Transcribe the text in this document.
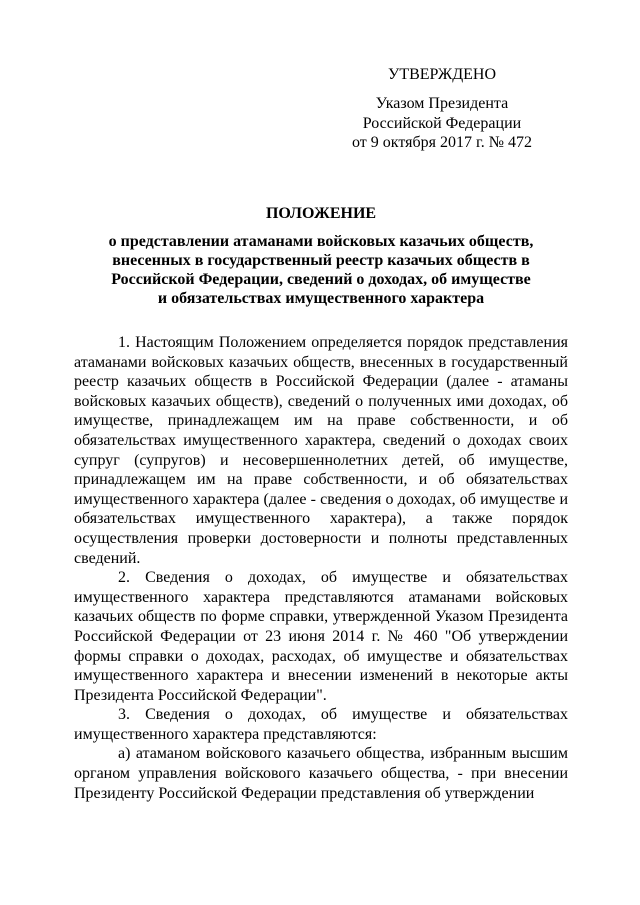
УТВЕРЖДЕНО
Указом Президента
Российской Федерации
от 9 октября 2017 г. № 472
ПОЛОЖЕНИЕ
о представлении атаманами войсковых казачьих обществ,
внесенных в государственный реестр казачьих обществ в
Российской Федерации, сведений о доходах, об имуществе
и обязательствах имущественного характера

1. Настоящим Положением определяется порядок представления атаманами войсковых казачьих обществ, внесенных в государственный реестр казачьих обществ в Российской Федерации (далее - атаманы войсковых казачьих обществ), сведений о полученных ими доходах, об имуществе, принадлежащем им на праве собственности, и об обязательствах имущественного характера, сведений о доходах своих супруг (супругов) и несовершеннолетних детей, об имуществе, принадлежащем им на праве собственности, и об обязательствах имущественного характера (далее - сведения о доходах, об имуществе и обязательствах имущественного характера), а также порядок осуществления проверки достоверности и полноты представленных сведений.

2. Сведения о доходах, об имуществе и обязательствах имущественного характера представляются атаманами войсковых казачьих обществ по форме справки, утвержденной Указом Президента Российской Федерации от 23 июня 2014 г. № 460 "Об утверждении формы справки о доходах, расходах, об имуществе и обязательствах имущественного характера и внесении изменений в некоторые акты Президента Российской Федерации".

3. Сведения о доходах, об имуществе и обязательствах имущественного характера представляются:

а) атаманом войскового казачьего общества, избранным высшим органом управления войскового казачьего общества, - при внесении Президенту Российской Федерации представления об утверждении
